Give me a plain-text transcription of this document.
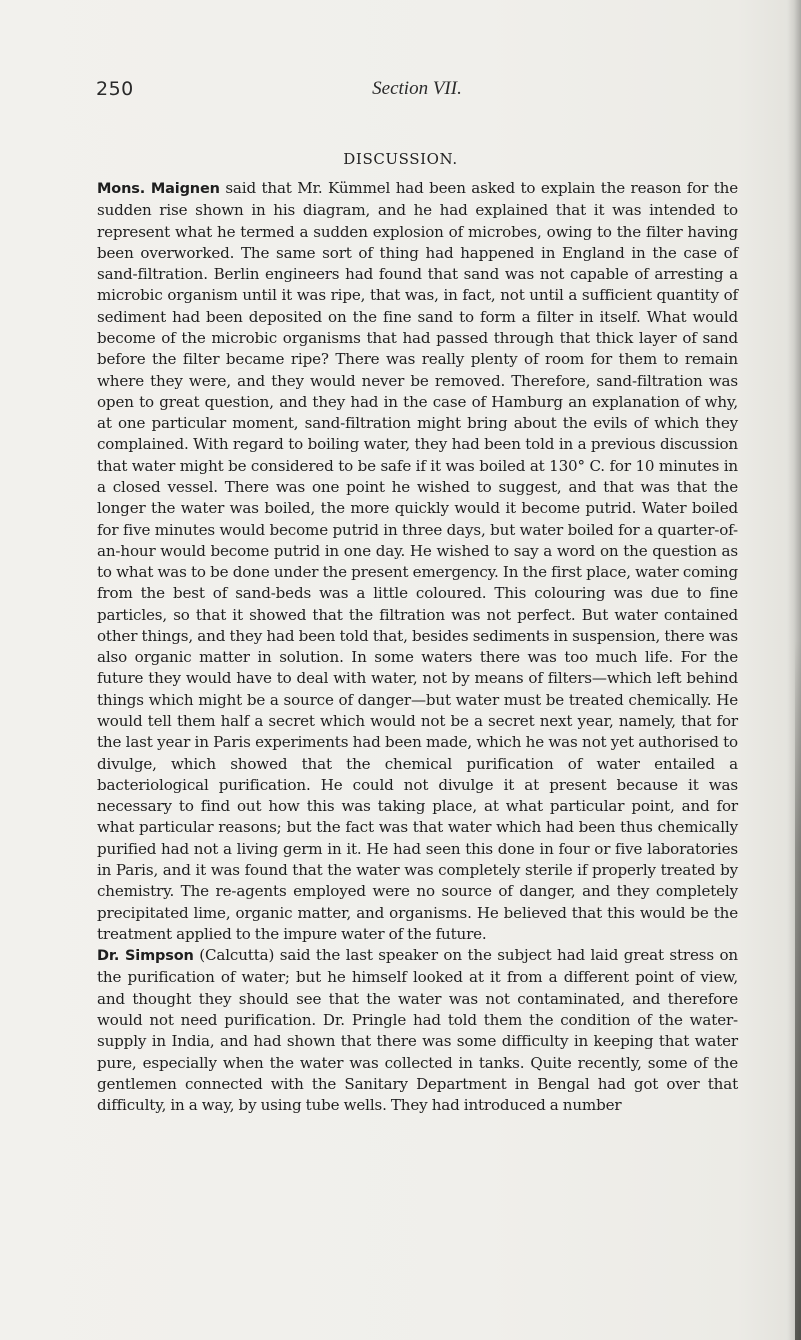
250	Section VII.
DISCUSSION.

Mons. Maignen said that Mr. Kümmel had been asked to explain the reason for the sudden rise shown in his diagram, and he had explained that it was intended to represent what he termed a sudden explosion of microbes, owing to the filter having been overworked. The same sort of thing had happened in England in the case of sand-filtration. Berlin engineers had found that sand was not capable of arresting a microbic organism until it was ripe, that was, in fact, not until a sufficient quantity of sediment had been deposited on the fine sand to form a filter in itself. What would become of the microbic organisms that had passed through that thick layer of sand before the filter became ripe? There was really plenty of room for them to remain where they were, and they would never be removed. Therefore, sand-filtration was open to great question, and they had in the case of Hamburg an explanation of why, at one particular moment, sand-filtration might bring about the evils of which they complained. With regard to boiling water, they had been told in a previous discussion that water might be considered to be safe if it was boiled at 130° C. for 10 minutes in a closed vessel. There was one point he wished to suggest, and that was that the longer the water was boiled, the more quickly would it become putrid. Water boiled for five minutes would become putrid in three days, but water boiled for a quarter-of-an-hour would become putrid in one day. He wished to say a word on the question as to what was to be done under the present emergency. In the first place, water coming from the best of sand-beds was a little coloured. This colouring was due to fine particles, so that it showed that the filtration was not perfect. But water contained other things, and they had been told that, besides sediments in suspension, there was also organic matter in solution. In some waters there was too much life. For the future they would have to deal with water, not by means of filters—which left behind things which might be a source of danger—but water must be treated chemically. He would tell them half a secret which would not be a secret next year, namely, that for the last year in Paris experiments had been made, which he was not yet authorised to divulge, which showed that the chemical purification of water entailed a bacteriological purification. He could not divulge it at present because it was necessary to find out how this was taking place, at what particular point, and for what particular reasons; but the fact was that water which had been thus chemically purified had not a living germ in it. He had seen this done in four or five laboratories in Paris, and it was found that the water was completely sterile if properly treated by chemistry. The re-agents employed were no source of danger, and they completely precipitated lime, organic matter, and organisms. He believed that this would be the treatment applied to the impure water of the future.

Dr. Simpson (Calcutta) said the last speaker on the subject had laid great stress on the purification of water; but he himself looked at it from a different point of view, and thought they should see that the water was not contaminated, and therefore would not need purification. Dr. Pringle had told them the condition of the water-supply in India, and had shown that there was some difficulty in keeping that water pure, especially when the water was collected in tanks. Quite recently, some of the gentlemen connected with the Sanitary Department in Bengal had got over that difficulty, in a way, by using tube wells. They had introduced a number
